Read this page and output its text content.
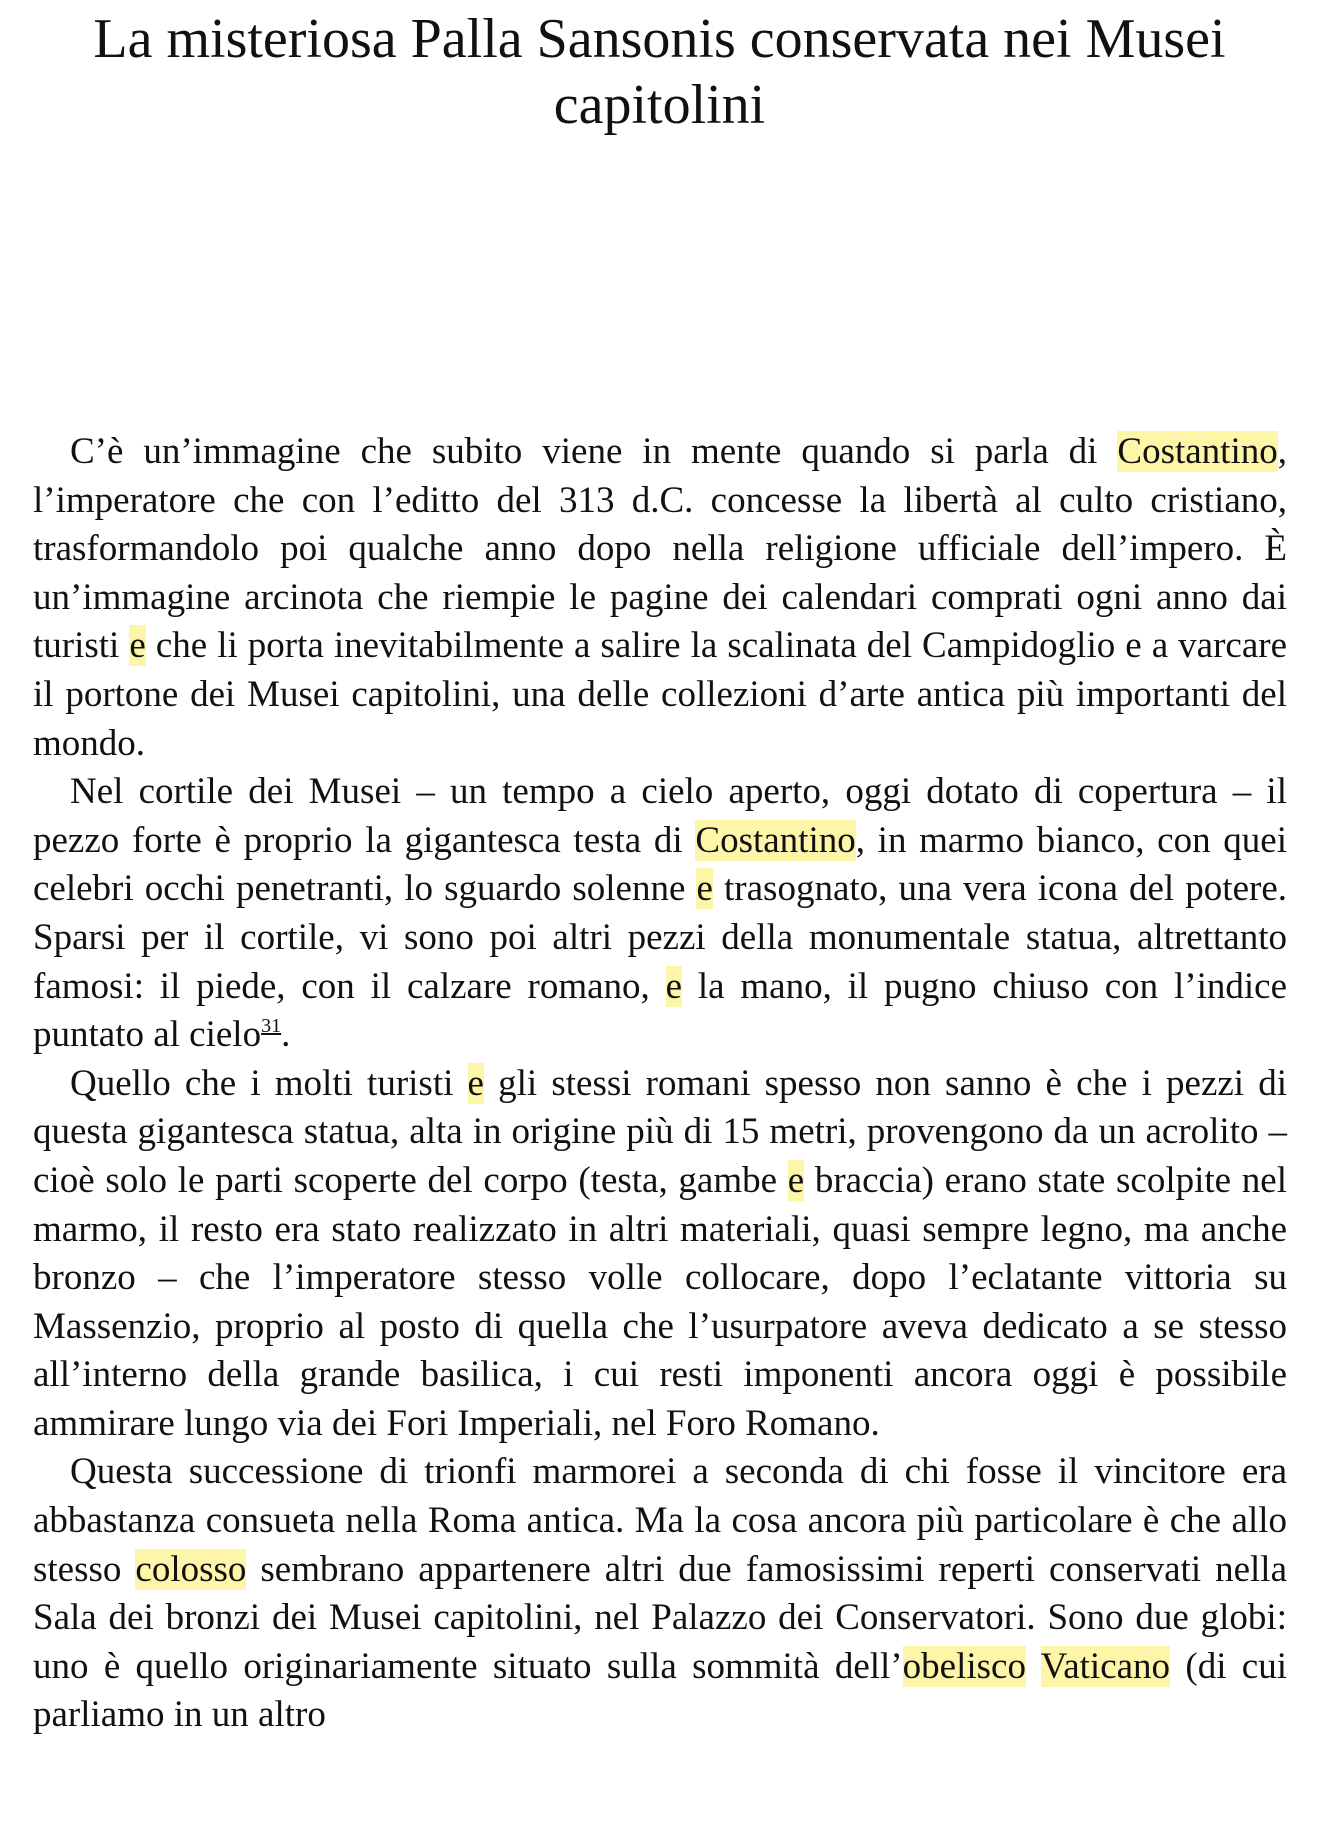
La misteriosa Palla Sansonis conservata nei Musei capitolini

C’è un’immagine che subito viene in mente quando si parla di Costantino, l’imperatore che con l’editto del 313 d.C. concesse la libertà al culto cristiano, trasformandolo poi qualche anno dopo nella religione ufficiale dell’impero. È un’immagine arcinota che riempie le pagine dei calendari comprati ogni anno dai turisti e che li porta inevitabilmente a salire la scalinata del Campidoglio e a varcare il portone dei Musei capitolini, una delle collezioni d’arte antica più importanti del mondo.

Nel cortile dei Musei – un tempo a cielo aperto, oggi dotato di copertura – il pezzo forte è proprio la gigantesca testa di Costantino, in marmo bianco, con quei celebri occhi penetranti, lo sguardo solenne e trasognato, una vera icona del potere. Sparsi per il cortile, vi sono poi altri pezzi della monumentale statua, altrettanto famosi: il piede, con il calzare romano, e la mano, il pugno chiuso con l’indice puntato al cielo$^{31}$.

Quello che i molti turisti e gli stessi romani spesso non sanno è che i pezzi di questa gigantesca statua, alta in origine più di 15 metri, provengono da un acrolito – cioè solo le parti scoperte del corpo (testa, gambe e braccia) erano state scolpite nel marmo, il resto era stato realizzato in altri materiali, quasi sempre legno, ma anche bronzo – che l’imperatore stesso volle collocare, dopo l’eclatante vittoria su Massenzio, proprio al posto di quella che l’usurpatore aveva dedicato a se stesso all’interno della grande basilica, i cui resti imponenti ancora oggi è possibile ammirare lungo via dei Fori Imperiali, nel Foro Romano.

Questa successione di trionfi marmorei a seconda di chi fosse il vincitore era abbastanza consueta nella Roma antica. Ma la cosa ancora più particolare è che allo stesso colosso sembrano appartenere altri due famosissimi reperti conservati nella Sala dei bronzi dei Musei capitolini, nel Palazzo dei Conservatori. Sono due globi: uno è quello originariamente situato sulla sommità dell’obelisco Vaticano (di cui parliamo in un altro
